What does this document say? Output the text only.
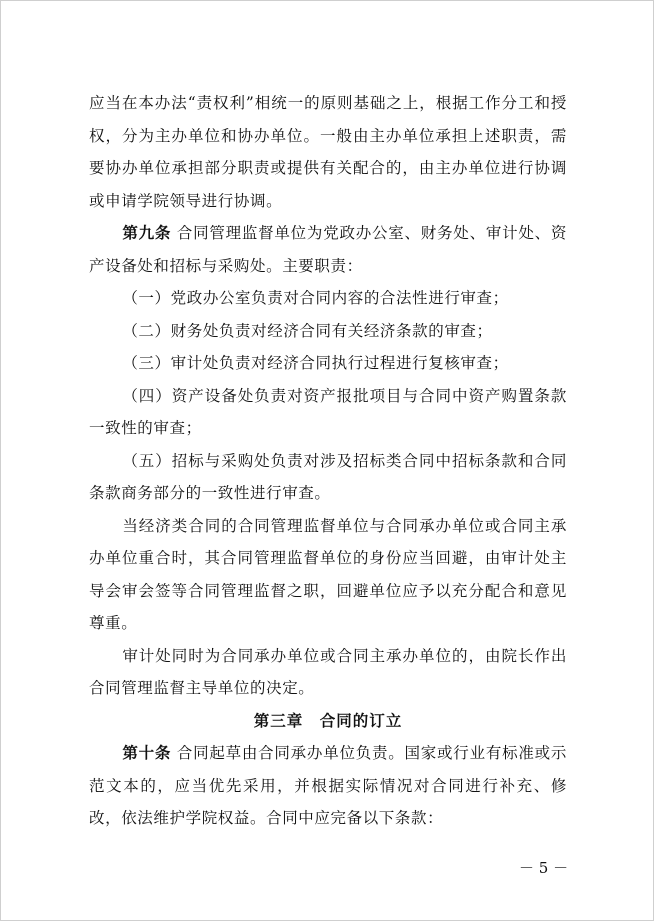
应当在本办法“责权利”相统一的原则基础之上，根据工作分工和授权，分为主办单位和协办单位。一般由主办单位承担上述职责，需要协办单位承担部分职责或提供有关配合的，由主办单位进行协调或申请学院领导进行协调。

第九条 合同管理监督单位为党政办公室、财务处、审计处、资产设备处和招标与采购处。主要职责：

（一）党政办公室负责对合同内容的合法性进行审查；

（二）财务处负责对经济合同有关经济条款的审查；

（三）审计处负责对经济合同执行过程进行复核审查；

（四）资产设备处负责对资产报批项目与合同中资产购置条款一致性的审查；

（五）招标与采购处负责对涉及招标类合同中招标条款和合同条款商务部分的一致性进行审查。

当经济类合同的合同管理监督单位与合同承办单位或合同主承办单位重合时，其合同管理监督单位的身份应当回避，由审计处主导会审会签等合同管理监督之职，回避单位应予以充分配合和意见尊重。

审计处同时为合同承办单位或合同主承办单位的，由院长作出合同管理监督主导单位的决定。

第三章　合同的订立

第十条 合同起草由合同承办单位负责。国家或行业有标准或示范文本的，应当优先采用，并根据实际情况对合同进行补充、修改，依法维护学院权益。合同中应完备以下条款：

－ 5 －
